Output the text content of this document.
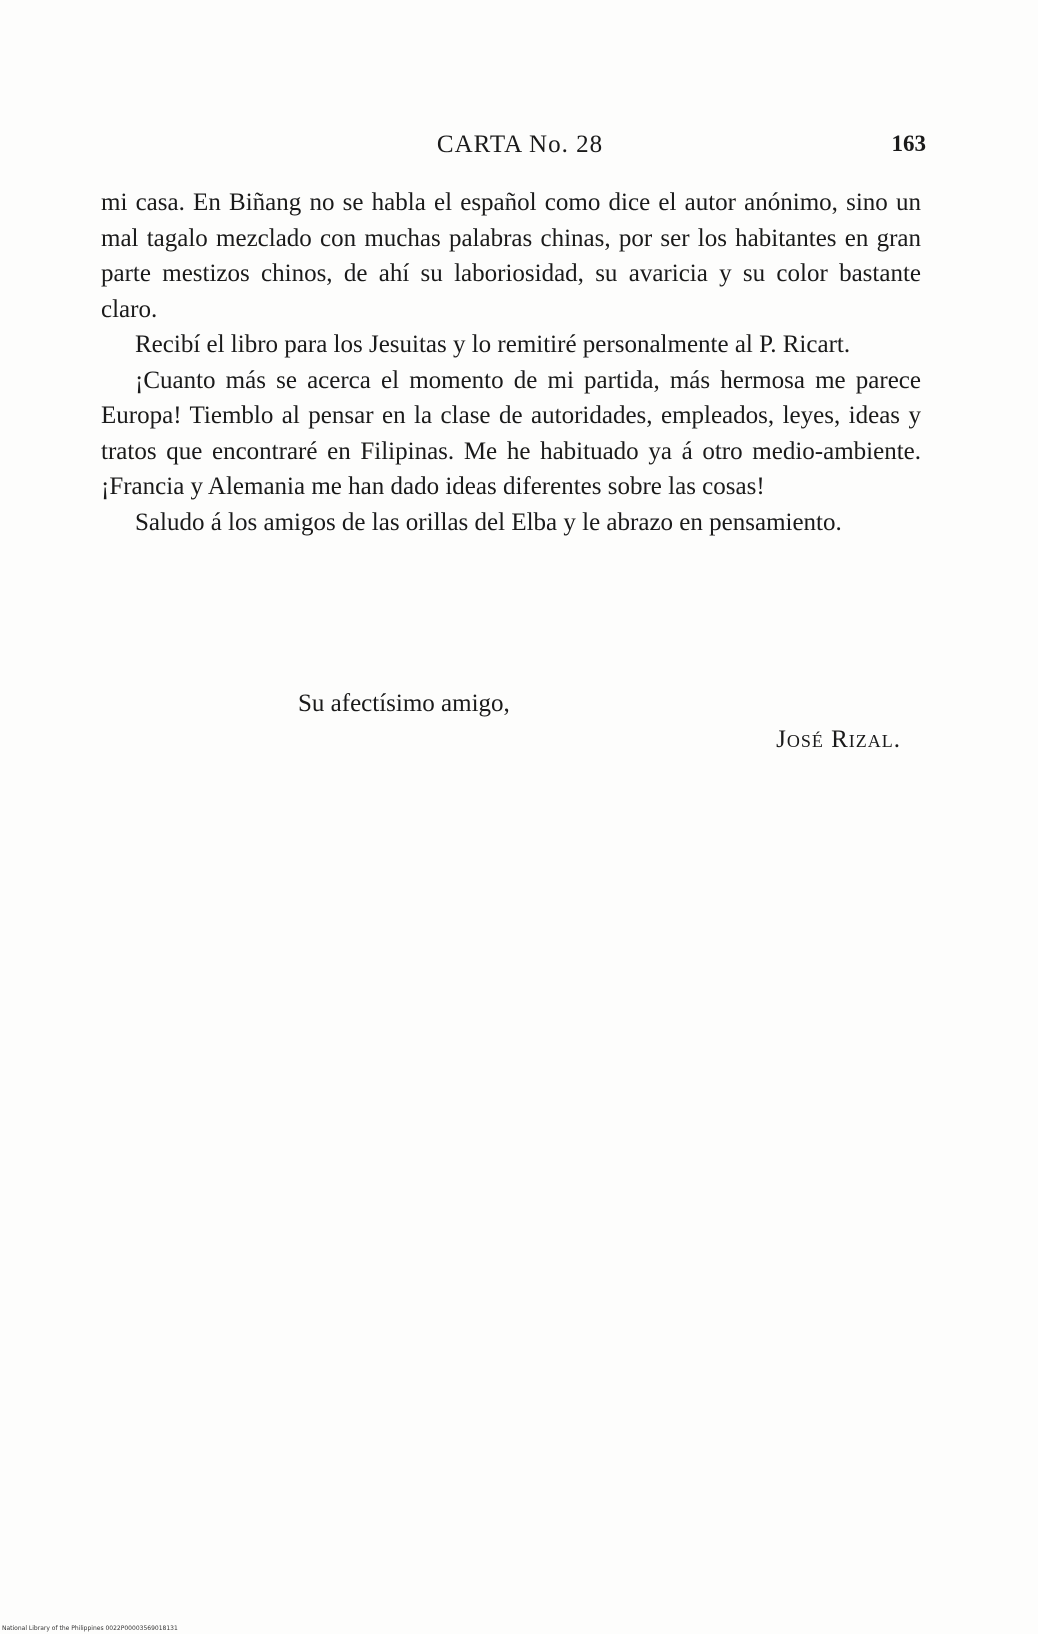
CARTA No. 28	163

mi casa. En Biñang no se habla el español como dice el autor anónimo, sino un mal tagalo mezclado con muchas palabras chinas, por ser los habitantes en gran parte mestizos chinos, de ahí su laboriosidad, su avaricia y su color bastante claro.

Recibí el libro para los Jesuitas y lo remitiré personalmente al P. Ricart.

¡Cuanto más se acerca el momento de mi partida, más hermosa me parece Europa! Tiemblo al pensar en la clase de autoridades, empleados, leyes, ideas y tratos que encontraré en Filipinas. Me he habituado ya á otro medio-ambiente. ¡Francia y Alemania me han dado ideas diferentes sobre las cosas!

Saludo á los amigos de las orillas del Elba y le abrazo en pensamiento.

Su afectísimo amigo,
José Rizal.
National Library of the Philippines 0022P00003569018131
